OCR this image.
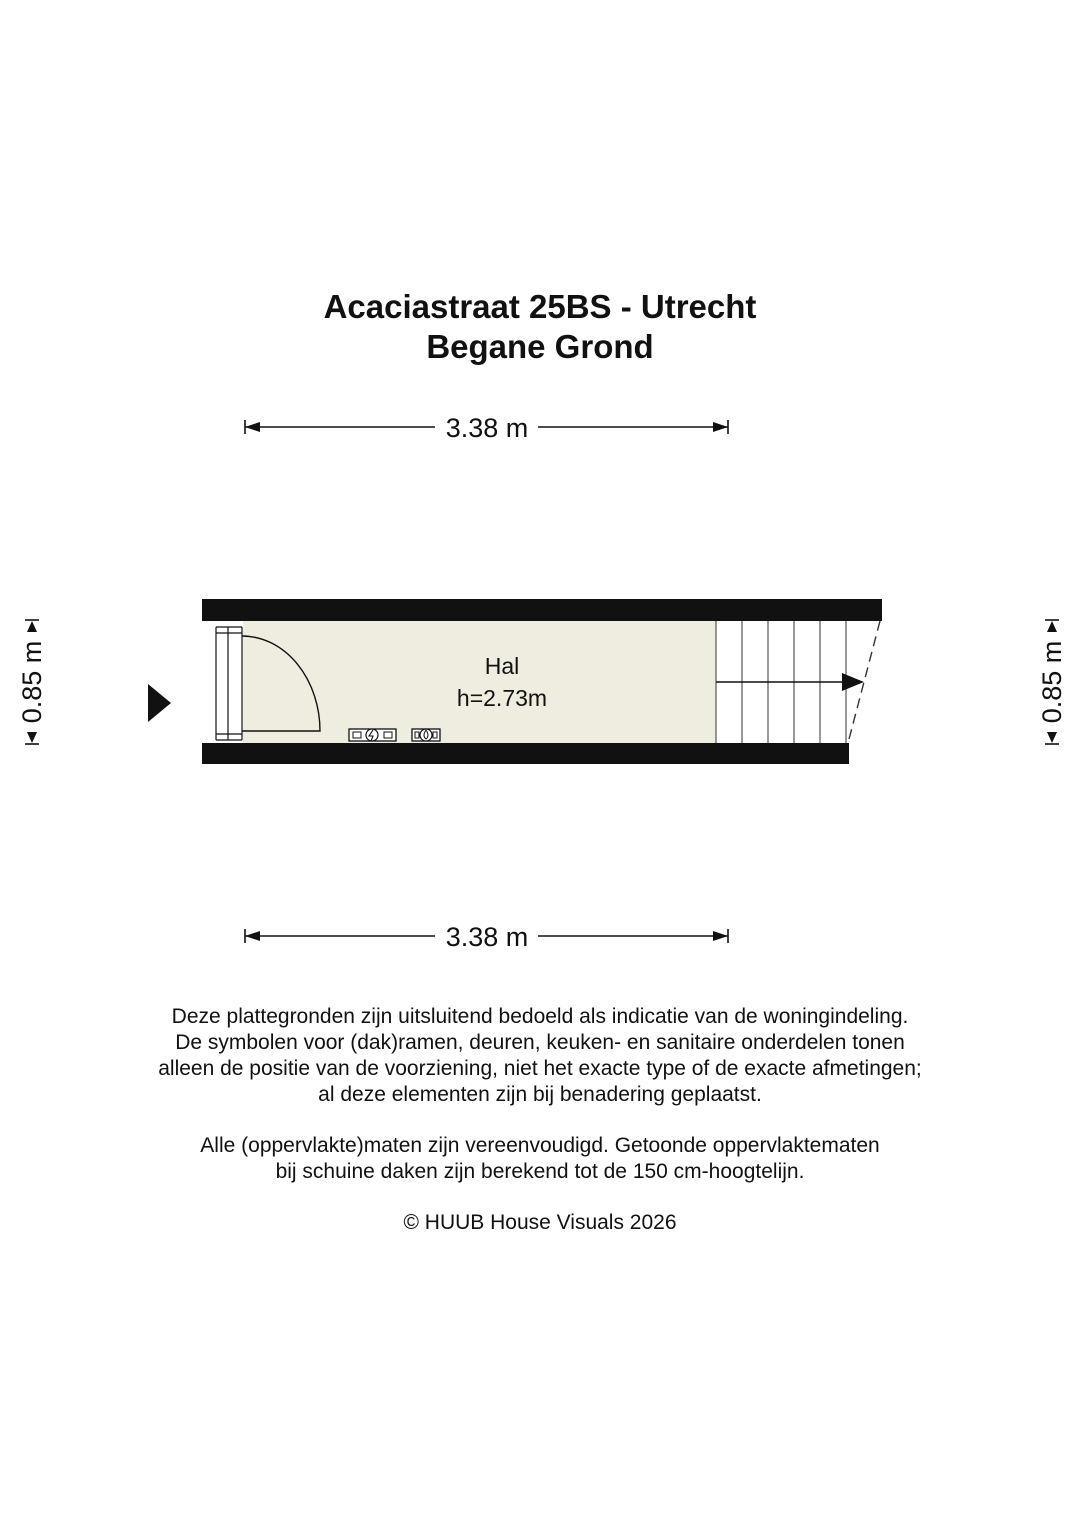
Acaciastraat 25BS - Utrecht
Begane Grond
3.38 m
3.38 m
0.85 m	0.85 m
Hal
h=2.73m
Deze plattegronden zijn uitsluitend bedoeld als indicatie van de woningindeling.
De symbolen voor (dak)ramen, deuren, keuken- en sanitaire onderdelen tonen
alleen de positie van de voorziening, niet het exacte type of de exacte afmetingen;
al deze elementen zijn bij benadering geplaatst.
Alle (oppervlakte)maten zijn vereenvoudigd. Getoonde oppervlaktematen
bij schuine daken zijn berekend tot de 150 cm-hoogtelijn.
© HUUB House Visuals 2026
